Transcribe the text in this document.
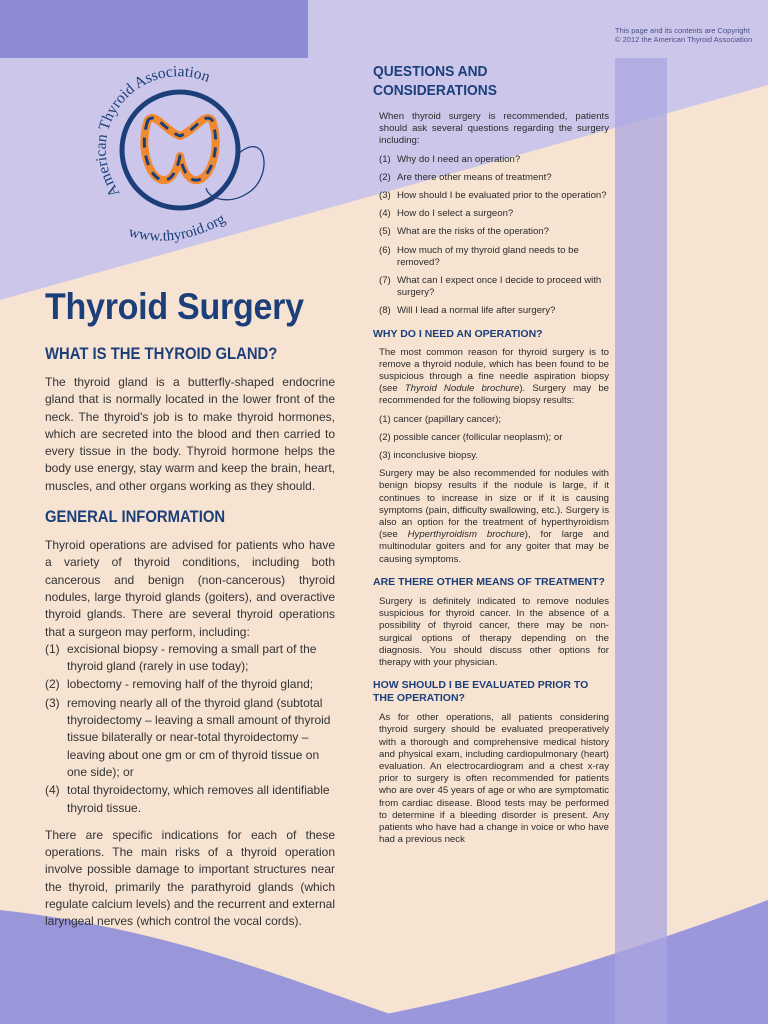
This page and its contents are Copyright © 2012 the American Thyroid Association
American Thyroid Association
www.thyroid.org
Thyroid Surgery
WHAT IS THE THYROID GLAND?

The thyroid gland is a butterfly-shaped endocrine gland that is normally located in the lower front of the neck. The thyroid's job is to make thyroid hormones, which are secreted into the blood and then carried to every tissue in the body. Thyroid hormone helps the body use energy, stay warm and keep the brain, heart, muscles, and other organs working as they should.

GENERAL INFORMATION

Thyroid operations are advised for patients who have a variety of thyroid conditions, including both cancerous and benign (non-cancerous) thyroid nodules, large thyroid glands (goiters), and overactive thyroid glands. There are several thyroid operations that a surgeon may perform, including:

(1) excisional biopsy - removing a small part of the thyroid gland (rarely in use today);
(2) lobectomy - removing half of the thyroid gland;
(3) removing nearly all of the thyroid gland (subtotal thyroidectomy – leaving a small amount of thyroid tissue bilaterally or near-total thyroidectomy – leaving about one gm or cm of thyroid tissue on one side); or
(4) total thyroidectomy, which removes all identifiable thyroid tissue.

There are specific indications for each of these operations. The main risks of a thyroid operation involve possible damage to important structures near the thyroid, primarily the parathyroid glands (which regulate calcium levels) and the recurrent and external laryngeal nerves (which control the vocal cords).

QUESTIONS AND CONSIDERATIONS

When thyroid surgery is recommended, patients should ask several questions regarding the surgery including:

(1) Why do I need an operation?
(2) Are there other means of treatment?
(3) How should I be evaluated prior to the operation?
(4) How do I select a surgeon?
(5) What are the risks of the operation?
(6) How much of my thyroid gland needs to be removed?
(7) What can I expect once I decide to proceed with surgery?
(8) Will I lead a normal life after surgery?
WHY DO I NEED AN OPERATION?

The most common reason for thyroid surgery is to remove a thyroid nodule, which has been found to be suspicious through a fine needle aspiration biopsy (see Thyroid Nodule brochure). Surgery may be recommended for the following biopsy results:

(1) cancer (papillary cancer);

(2) possible cancer (follicular neoplasm); or

(3) inconclusive biopsy.

Surgery may be also recommended for nodules with benign biopsy results if the nodule is large, if it continues to increase in size or if it is causing symptoms (pain, difficulty swallowing, etc.). Surgery is also an option for the treatment of hyperthyroidism (see Hyperthyroidism brochure), for large and multinodular goiters and for any goiter that may be causing symptoms.

ARE THERE OTHER MEANS OF TREATMENT?

Surgery is definitely indicated to remove nodules suspicious for thyroid cancer. In the absence of a possibility of thyroid cancer, there may be non-surgical options of therapy depending on the diagnosis. You should discuss other options for therapy with your physician.

HOW SHOULD I BE EVALUATED PRIOR TO THE OPERATION?

As for other operations, all patients considering thyroid surgery should be evaluated preoperatively with a thorough and comprehensive medical history and physical exam, including cardiopulmonary (heart) evaluation. An electrocardiogram and a chest x-ray prior to surgery is often recommended for patients who are over 45 years of age or who are symptomatic from cardiac disease. Blood tests may be performed to determine if a bleeding disorder is present. Any patients who have had a change in voice or who have had a previous neck
